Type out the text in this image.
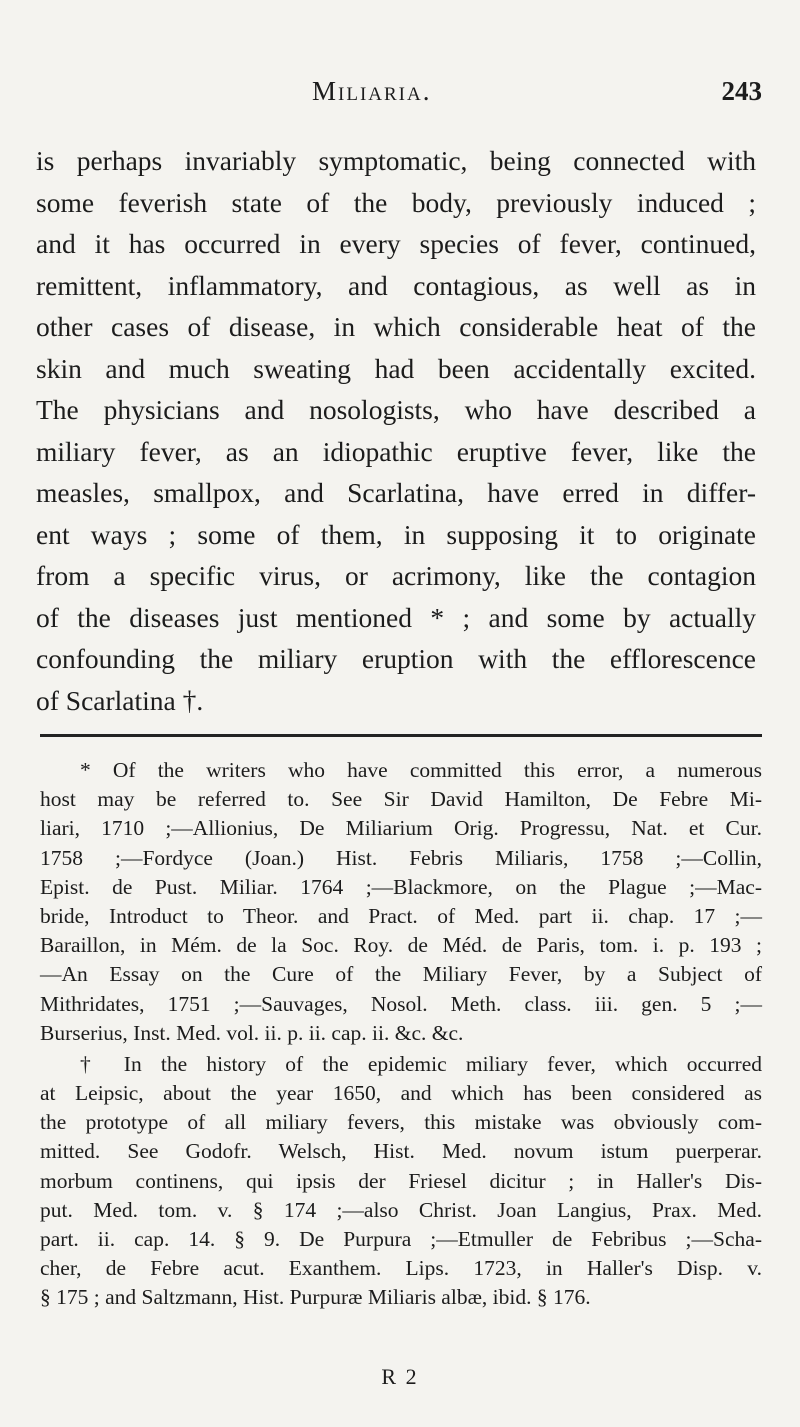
Miliaria.	243
is perhaps invariably symptomatic, being connected with
some feverish state of the body, previously induced ;
and it has occurred in every species of fever, continued,
remittent, inflammatory, and contagious, as well as in
other cases of disease, in which considerable heat of the
skin and much sweating had been accidentally excited.
The physicians and nosologists, who have described a
miliary fever, as an idiopathic eruptive fever, like the
measles, smallpox, and Scarlatina, have erred in differ-
ent ways ; some of them, in supposing it to originate
from a specific virus, or acrimony, like the contagion
of the diseases just mentioned * ; and some by actually
confounding the miliary eruption with the efflorescence
of Scarlatina †.
* Of the writers who have committed this error, a numerous
host may be referred to. See Sir David Hamilton, De Febre Mi-
liari, 1710 ;—Allionius, De Miliarium Orig. Progressu, Nat. et Cur.
1758 ;—Fordyce (Joan.) Hist. Febris Miliaris, 1758 ;—Collin,
Epist. de Pust. Miliar. 1764 ;—Blackmore, on the Plague ;—Mac-
bride, Introduct to Theor. and Pract. of Med. part ii. chap. 17 ;—
Baraillon, in Mém. de la Soc. Roy. de Méd. de Paris, tom. i. p. 193 ;
—An Essay on the Cure of the Miliary Fever, by a Subject of
Mithridates, 1751 ;—Sauvages, Nosol. Meth. class. iii. gen. 5 ;—
Burserius, Inst. Med. vol. ii. p. ii. cap. ii. &c. &c.
† In the history of the epidemic miliary fever, which occurred
at Leipsic, about the year 1650, and which has been considered as
the prototype of all miliary fevers, this mistake was obviously com-
mitted. See Godofr. Welsch, Hist. Med. novum istum puerperar.
morbum continens, qui ipsis der Friesel dicitur ; in Haller's Dis-
put. Med. tom. v. § 174 ;—also Christ. Joan Langius, Prax. Med.
part. ii. cap. 14. § 9. De Purpura ;—Etmuller de Febribus ;—Scha-
cher, de Febre acut. Exanthem. Lips. 1723, in Haller's Disp. v.
§ 175 ; and Saltzmann, Hist. Purpuræ Miliaris albæ, ibid. § 176.
R 2
